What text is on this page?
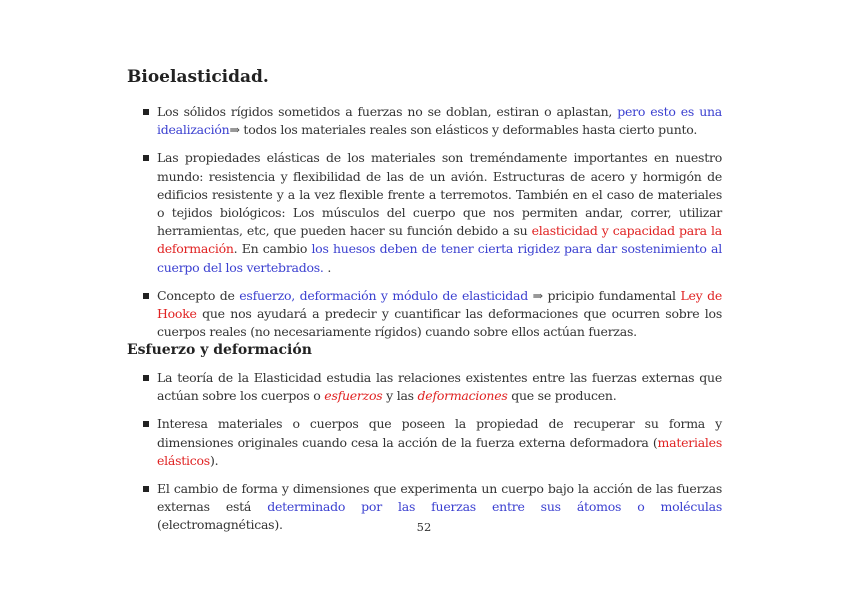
Bioelasticidad.
Los sólidos rígidos sometidos a fuerzas no se doblan, estiran o aplastan, pero esto es una idealización⇒ todos los materiales reales son elásticos y deformables hasta cierto punto.
Las propiedades elásticas de los materiales son treméndamente importantes en nuestro mundo: resistencia y flexibilidad de las de un avión. Estructuras de acero y hormigón de edificios resistente y a la vez flexible frente a terremotos. También en el caso de materiales o tejidos biológicos: Los músculos del cuerpo que nos permiten andar, correr, utilizar herramientas, etc, que pueden hacer su función debido a su elasticidad y capacidad para la deformación. En cambio los huesos deben de tener cierta rigidez para dar sostenimiento al cuerpo del los vertebrados. .
Concepto de esfuerzo, deformación y módulo de elasticidad ⇒ pricipio fundamental Ley de Hooke que nos ayudará a predecir y cuantificar las deformaciones que ocurren sobre los cuerpos reales (no necesariamente rígidos) cuando sobre ellos actúan fuerzas.
Esfuerzo y deformación
La teoría de la Elasticidad estudia las relaciones existentes entre las fuerzas externas que actúan sobre los cuerpos o esfuerzos y las deformaciones que se producen.
Interesa materiales o cuerpos que poseen la propiedad de recuperar su forma y dimensiones originales cuando cesa la acción de la fuerza externa deformadora (materiales elásticos).
El cambio de forma y dimensiones que experimenta un cuerpo bajo la acción de las fuerzas externas está determinado por las fuerzas entre sus átomos o moléculas (electromagnéticas).	52
